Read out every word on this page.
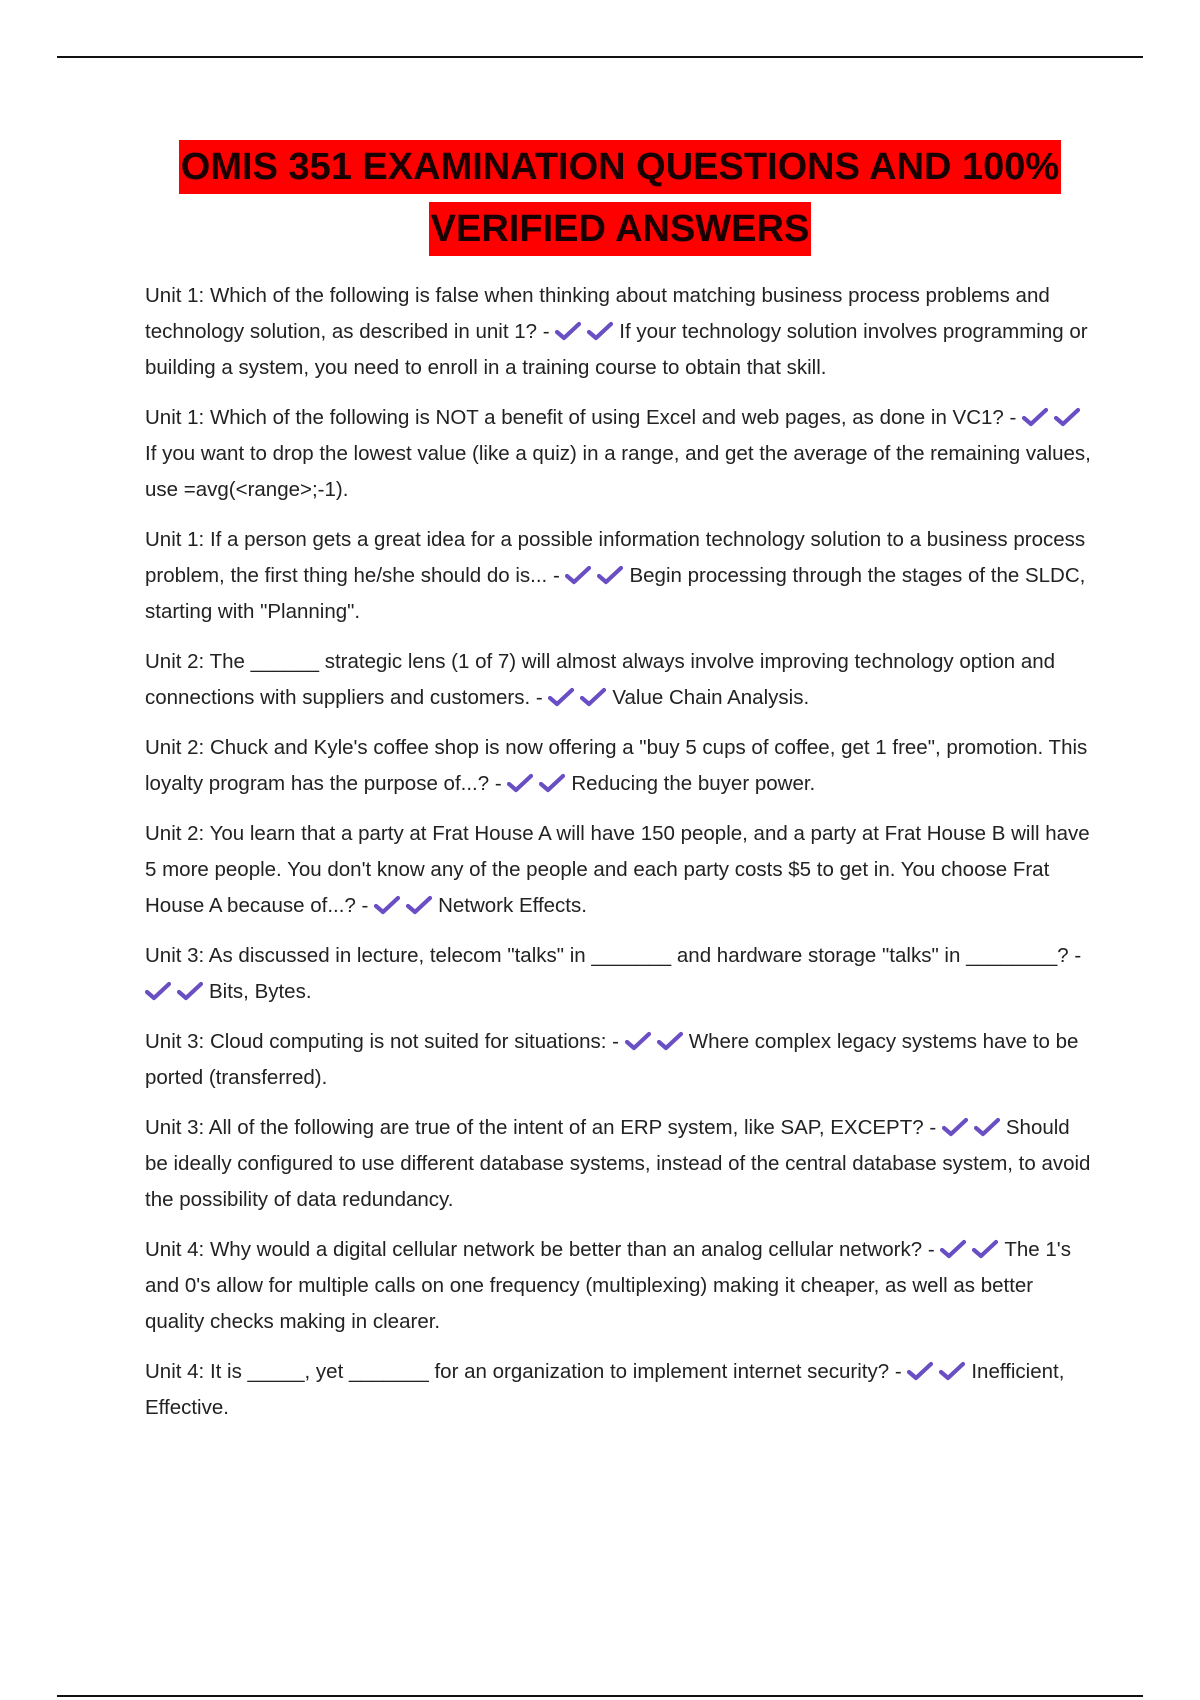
OMIS 351 EXAMINATION QUESTIONS AND 100%
VERIFIED ANSWERS

Unit 1: Which of the following is false when thinking about matching business process problems and technology solution, as described in unit 1? -	If your technology solution involves programming or building a system, you need to enroll in a training course to obtain that skill.

Unit 1: Which of the following is NOT a benefit of using Excel and web pages, as done in VC1? -
If you want to drop the lowest value (like a quiz) in a range, and get the average of the remaining values, use =avg(<range>;-1).

Unit 1: If a person gets a great idea for a possible information technology solution to a business process problem, the first thing he/she should do is... -	Begin processing through the stages of the SLDC, starting with "Planning".

Unit 2: The ______ strategic lens (1 of 7) will almost always involve improving technology option and connections with suppliers and customers. -	Value Chain Analysis.

Unit 2: Chuck and Kyle's coffee shop is now offering a "buy 5 cups of coffee, get 1 free", promotion. This loyalty program has the purpose of...? -	Reducing the buyer power.

Unit 2: You learn that a party at Frat House A will have 150 people, and a party at Frat House B will have 5 more people. You don't know any of the people and each party costs $5 to get in. You choose Frat House A because of...? -	Network Effects.

Unit 3: As discussed in lecture, telecom "talks" in _______ and hardware storage "talks" in ________? -
Bits, Bytes.

Unit 3: Cloud computing is not suited for situations: -	Where complex legacy systems have to be ported (transferred).

Unit 3: All of the following are true of the intent of an ERP system, like SAP, EXCEPT? -	Should be ideally configured to use different database systems, instead of the central database system, to avoid the possibility of data redundancy.

Unit 4: Why would a digital cellular network be better than an analog cellular network? -	The 1's and 0's allow for multiple calls on one frequency (multiplexing) making it cheaper, as well as better quality checks making in clearer.

Unit 4: It is _____, yet _______ for an organization to implement internet security? -	Inefficient, Effective.
